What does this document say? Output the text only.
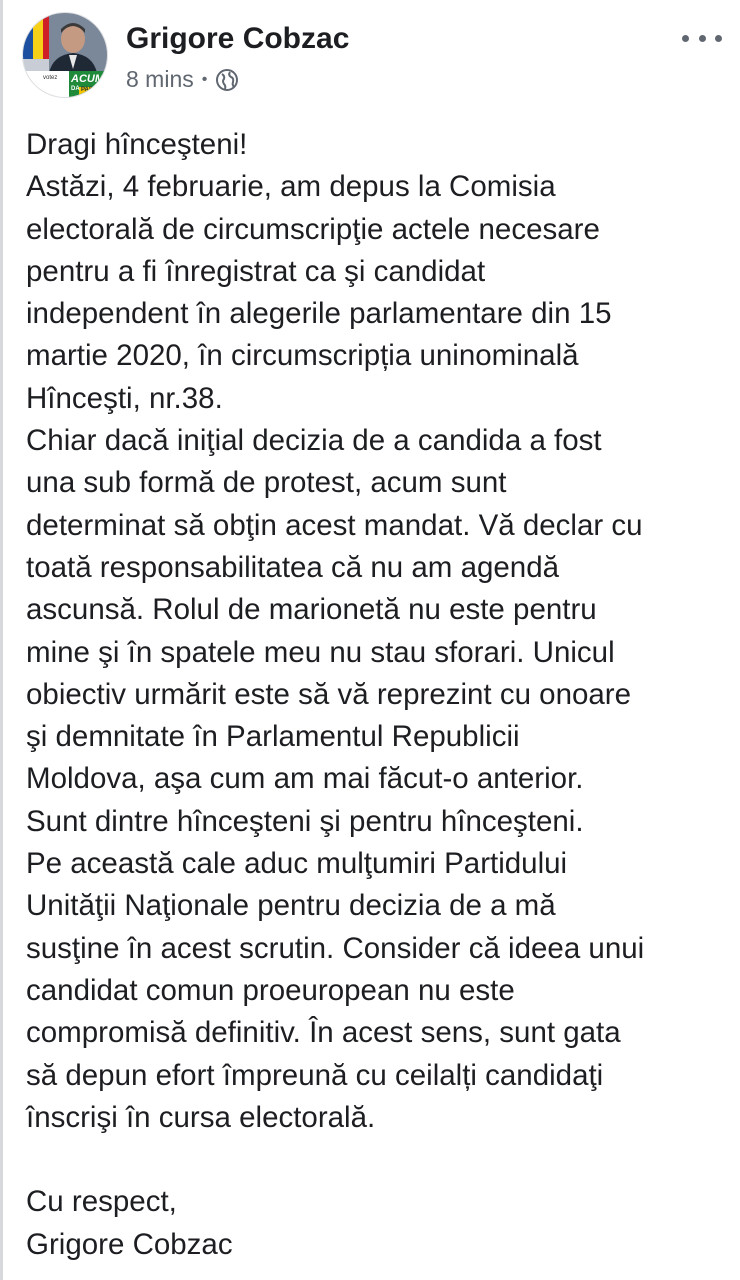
votez ACUM
DA PAS
Grigore Cobzac
8 mins •
Dragi hînceşteni!
Astăzi, 4 februarie, am depus la Comisia
electorală de circumscripţie actele necesare
pentru a fi înregistrat ca şi candidat
independent în alegerile parlamentare din 15
martie 2020, în circumscripția uninominală
Hînceşti, nr.38.
Chiar dacă iniţial decizia de a candida a fost
una sub formă de protest, acum sunt
determinat să obţin acest mandat. Vă declar cu
toată responsabilitatea că nu am agendă
ascunsă. Rolul de marionetă nu este pentru
mine şi în spatele meu nu stau sforari. Unicul
obiectiv urmărit este să vă reprezint cu onoare
şi demnitate în Parlamentul Republicii
Moldova, aşa cum am mai făcut-o anterior.
Sunt dintre hînceşteni şi pentru hînceşteni.
Pe această cale aduc mulţumiri Partidului
Unităţii Naţionale pentru decizia de a mă
susţine în acest scrutin. Consider că ideea unui
candidat comun proeuropean nu este
compromisă definitiv. În acest sens, sunt gata
să depun efort împreună cu ceilalți candidaţi
înscrişi în cursa electorală.
Cu respect,
Grigore Cobzac
